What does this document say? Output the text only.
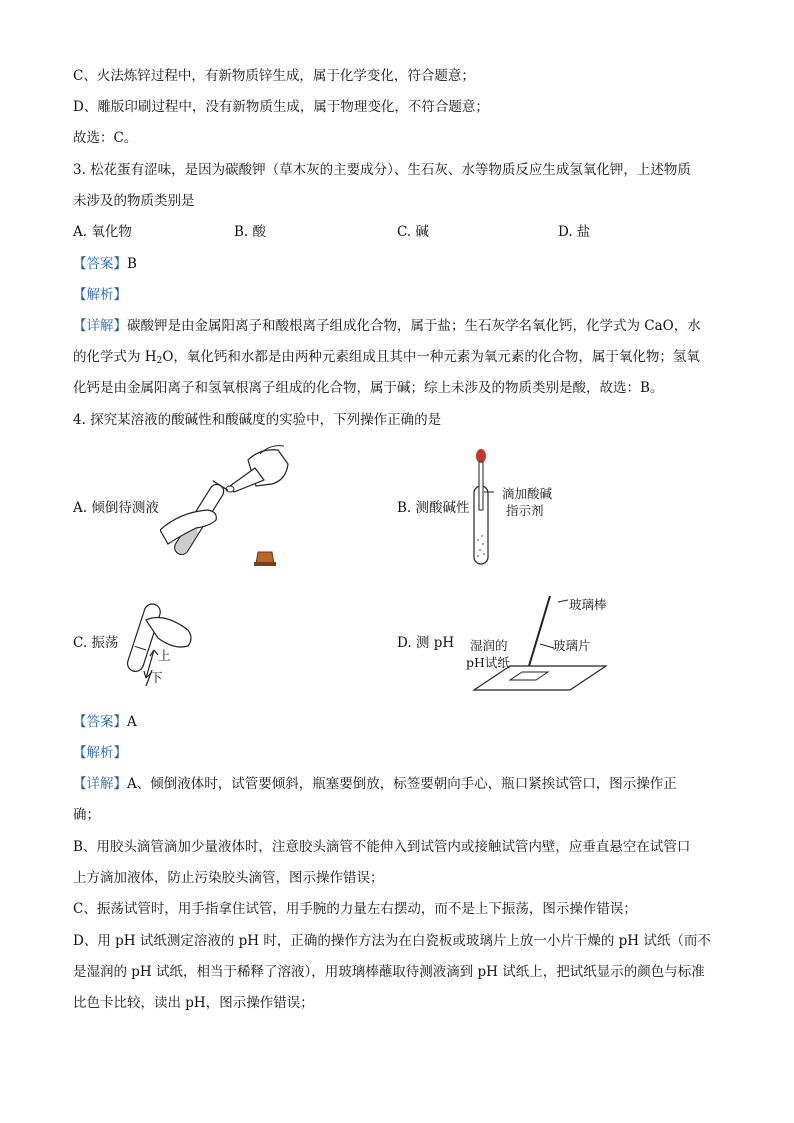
C、火法炼锌过程中，有新物质锌生成，属于化学变化，符合题意；
D、雕版印刷过程中，没有新物质生成，属于物理变化，不符合题意；
故选：C。
3. 松花蛋有涩味，是因为碳酸钾（草木灰的主要成分）、生石灰、水等物质反应生成氢氧化钾，上述物质
未涉及的物质类别是
A. 氧化物	B. 酸	C. 碱	D. 盐
【答案】B
【解析】
【详解】碳酸钾是由金属阳离子和酸根离子组成化合物，属于盐；生石灰学名氧化钙，化学式为 CaO，水
的化学式为 $H_2O$，氧化钙和水都是由两种元素组成且其中一种元素为氧元素的化合物，属于氧化物；氢氧
化钙是由金属阳离子和氢氧根离子组成的化合物，属于碱；综上未涉及的物质类别是酸，故选：B。
4. 探究某溶液的酸碱性和酸碱度的实验中，下列操作正确的是
A. 倾倒待测液	B. 测酸碱性
C. 振荡	D. 测 pH
滴加酸碱
指示剂
上
下
玻璃棒
湿润的
pH试纸
玻璃片
【答案】A
【解析】
【详解】A、倾倒液体时，试管要倾斜，瓶塞要倒放，标签要朝向手心，瓶口紧挨试管口，图示操作正
确；
B、用胶头滴管滴加少量液体时，注意胶头滴管不能伸入到试管内或接触试管内壁，应垂直悬空在试管口
上方滴加液体，防止污染胶头滴管，图示操作错误；
C、振荡试管时，用手指拿住试管，用手腕的力量左右摆动，而不是上下振荡，图示操作错误；
D、用 pH 试纸测定溶液的 pH 时，正确的操作方法为在白瓷板或玻璃片上放一小片干燥的 pH 试纸（而不
是湿润的 pH 试纸，相当于稀释了溶液），用玻璃棒蘸取待测液滴到 pH 试纸上，把试纸显示的颜色与标准
比色卡比较，读出 pH，图示操作错误；
